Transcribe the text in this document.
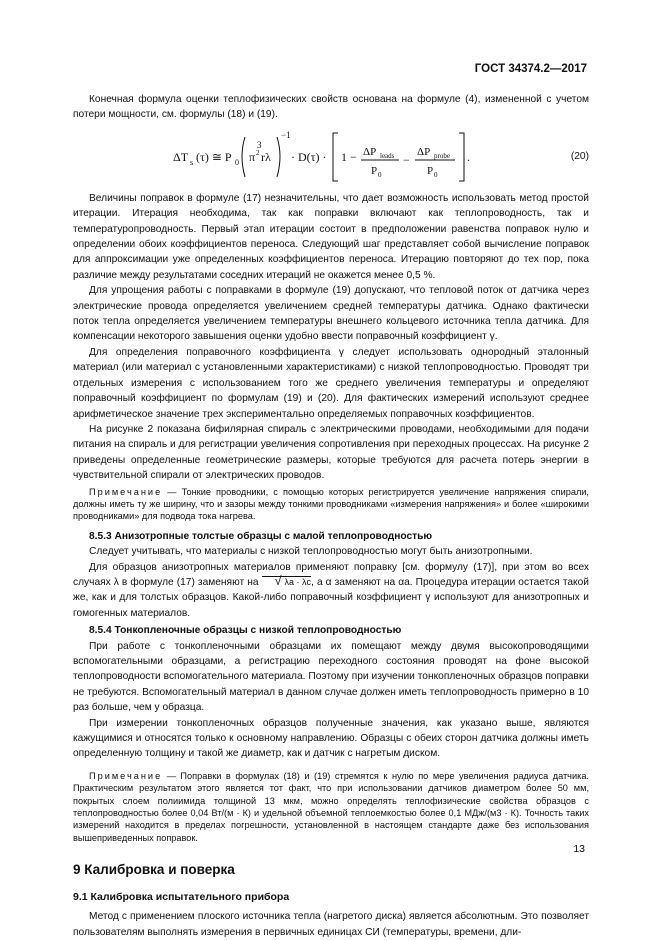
ГОСТ 34374.2—2017

Конечная формула оценки теплофизических свойств основана на формуле (4), измененной с учетом потери мощности, см. формулы (18) и (19).

ΔT s (τ) ≅ P 0
3
π 2 rλ
−1
· D(τ) · 1 − ΔP leads
P 0
−
ΔP probe
P 0
.	(20)

Величины поправок в формуле (17) незначительны, что дает возможность использовать метод простой итерации. Итерация необходима, так как поправки включают как теплопроводность, так и температуропроводность. Первый этап итерации состоит в предположении равенства поправок нулю и определении обоих коэффициентов переноса. Следующий шаг представляет собой вычисление поправок для аппроксимации уже определенных коэффициентов переноса. Итерацию повторяют до тех пор, пока различие между результатами соседних итераций не окажется менее 0,5 %.

Для упрощения работы с поправками в формуле (19) допускают, что тепловой поток от датчика через электрические провода определяется увеличением средней температуры датчика. Однако фактически поток тепла определяется увеличением температуры внешнего кольцевого источника тепла датчика. Для компенсации некоторого завышения оценки удобно ввести поправочный коэффициент γ.

Для определения поправочного коэффициента γ следует использовать однородный эталонный материал (или материал с установленными характеристиками) с низкой теплопроводностью. Проводят три отдельных измерения с использованием того же среднего увеличения температуры и определяют поправочный коэффициент по формулам (19) и (20). Для фактических измерений используют среднее арифметическое значение трех экспериментально определяемых поправочных коэффициентов.

На рисунке 2 показана бифилярная спираль с электрическими проводами, необходимыми для подачи питания на спираль и для регистрации увеличения сопротивления при переходных процессах. На рисунке 2 приведены определенные геометрические размеры, которые требуются для расчета потерь энергии в чувствительной спирали от электрических проводов.

Примечание — Тонкие проводники, с помощью которых регистрируется увеличение напряжения спирали, должны иметь ту же ширину, что и зазоры между тонкими проводниками «измерения напряжения» и более «широкими проводниками» для подвода тока нагрева.

8.5.3 Анизотропные толстые образцы с малой теплопроводностью

Следует учитывать, что материалы с низкой теплопроводностью могут быть анизотропными.

Для образцов анизотропных материалов применяют поправку [см. формулу (17)], при этом во всех случаях λ в формуле (17) заменяют на √	λa · λc, а α заменяют на αa. Процедура итерации остается такой же, как и для толстых образцов. Какой-либо поправочный коэффициент γ используют для анизотропных и гомогенных материалов.

8.5.4 Тонкопленочные образцы с низкой теплопроводностью

При работе с тонкопленочными образцами их помещают между двумя высокопроводящими вспомогательными образцами, а регистрацию переходного состояния проводят на фоне высокой теплопроводности вспомогательного материала. Поэтому при изучении тонкопленочных образцов поправки не требуются. Вспомогательный материал в данном случае должен иметь теплопроводность примерно в 10 раз больше, чем у образца.

При измерении тонкопленочных образцов полученные значения, как указано выше, являются кажущимися и относятся только к основному направлению. Образцы с обеих сторон датчика должны иметь определенную толщину и такой же диаметр, как и датчик с нагретым диском.

Примечание — Поправки в формулах (18) и (19) стремятся к нулю по мере увеличения радиуса датчика. Практическим результатом этого является тот факт, что при использовании датчиков диаметром более 50 мм, покрытых слоем полиимида толщиной 13 мкм, можно определять теплофизические свойства образцов с теплопроводностью более 0,04 Вт/(м · К) и удельной объемной теплоемкостью более 0,1 МДж/(м3 · К). Точность таких измерений находится в пределах погрешности, установленной в настоящем стандарте даже без использования вышеприведенных поправок.

9 Калибровка и поверка

9.1 Калибровка испытательного прибора

Метод с применением плоского источника тепла (нагретого диска) является абсолютным. Это позволяет пользователям выполнять измерения в первичных единицах СИ (температуры, времени, дли-

13
